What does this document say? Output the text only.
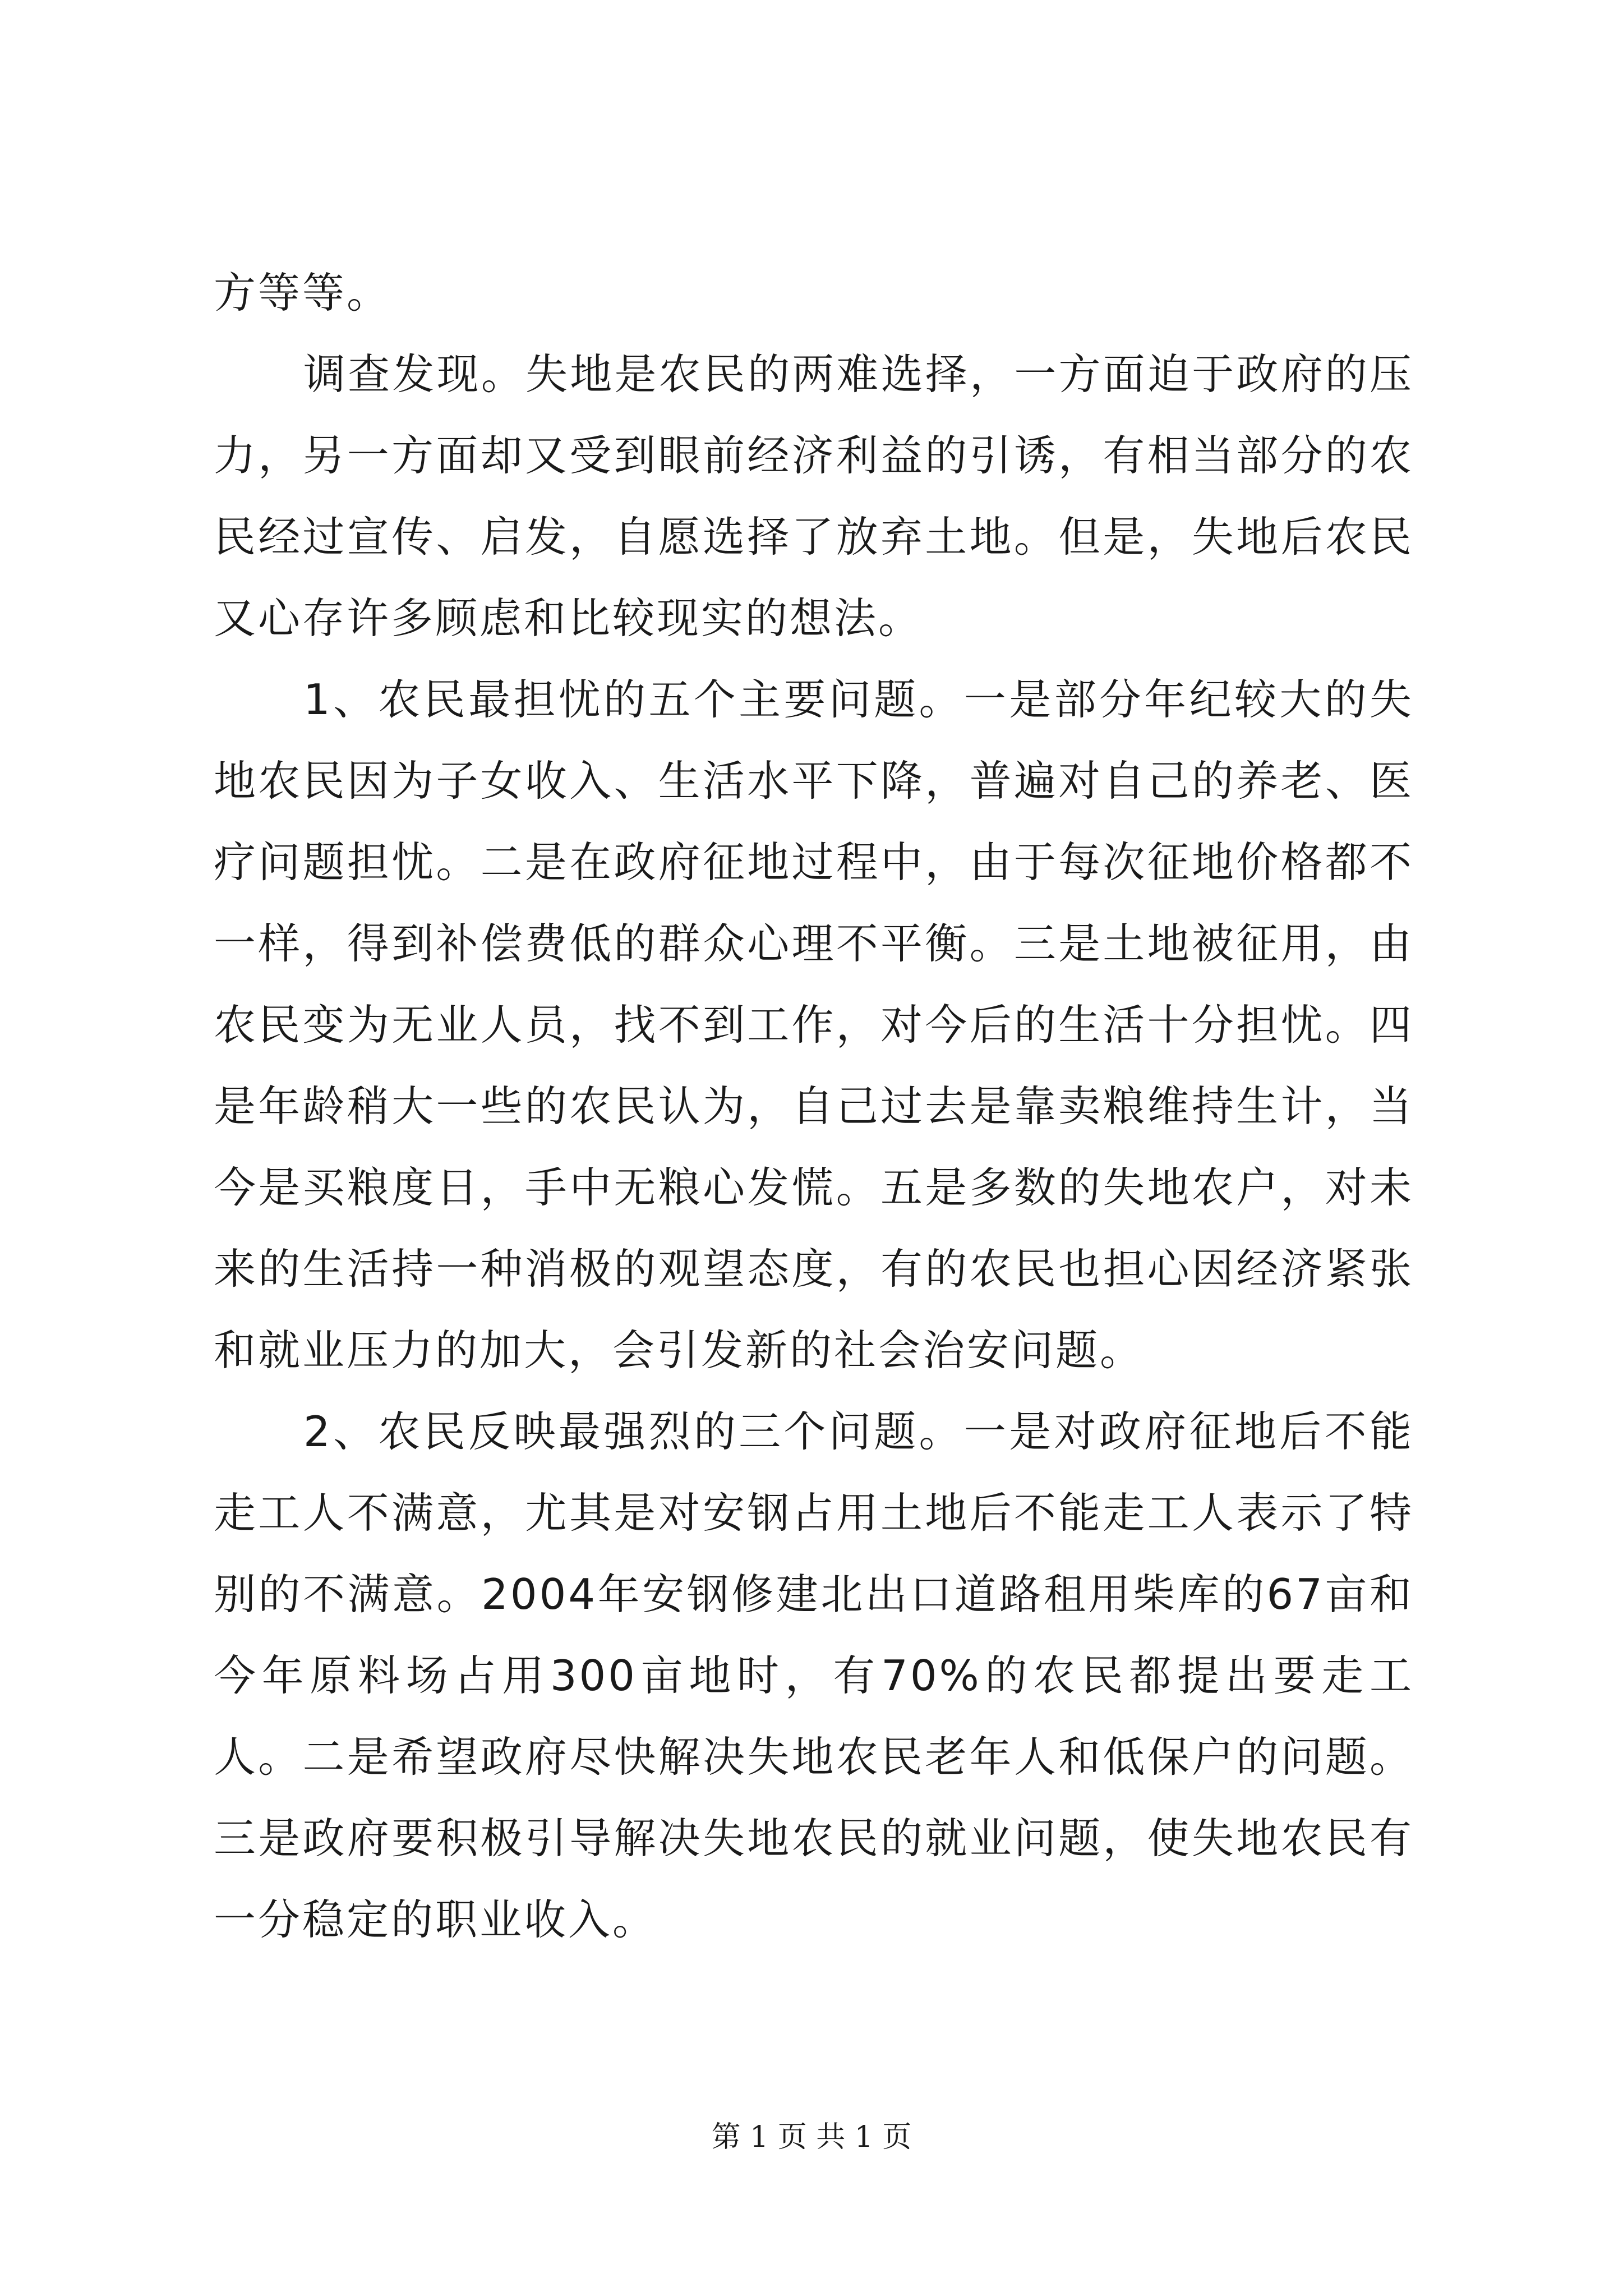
方等等。

调查发现。失地是农民的两难选择，一方面迫于政府的压力，另一方面却又受到眼前经济利益的引诱，有相当部分的农民经过宣传、启发，自愿选择了放弃土地。但是，失地后农民又心存许多顾虑和比较现实的想法。

1、农民最担忧的五个主要问题。一是部分年纪较大的失地农民因为子女收入、生活水平下降，普遍对自己的养老、医疗问题担忧。二是在政府征地过程中，由于每次征地价格都不一样，得到补偿费低的群众心理不平衡。三是土地被征用，由农民变为无业人员，找不到工作，对今后的生活十分担忧。四是年龄稍大一些的农民认为，自己过去是靠卖粮维持生计，当今是买粮度日，手中无粮心发慌。五是多数的失地农户，对未来的生活持一种消极的观望态度，有的农民也担心因经济紧张和就业压力的加大，会引发新的社会治安问题。

2、农民反映最强烈的三个问题。一是对政府征地后不能走工人不满意，尤其是对安钢占用土地后不能走工人表示了特别的不满意。2004年安钢修建北出口道路租用柴库的67亩和今年原料场占用300亩地时，有70%的农民都提出要走工人。二是希望政府尽快解决失地农民老年人和低保户的问题。三是政府要积极引导解决失地农民的就业问题，使失地农民有一分稳定的职业收入。

第 1 页 共 1 页
